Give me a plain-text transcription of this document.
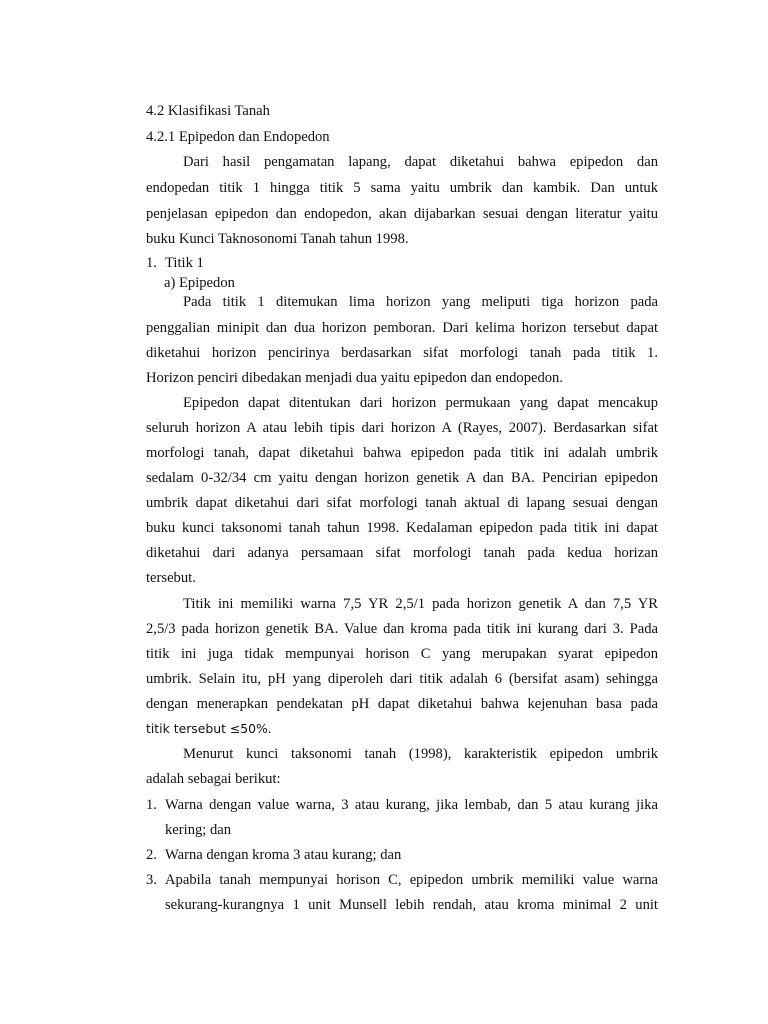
4.2 Klasifikasi Tanah
4.2.1 Epipedon dan Endopedon
Dari hasil pengamatan lapang, dapat diketahui bahwa epipedon dan
endopedan titik 1 hingga titik 5 sama yaitu umbrik dan kambik. Dan untuk
penjelasan epipedon dan endopedon, akan dijabarkan sesuai dengan literatur yaitu
buku Kunci Taknosonomi Tanah tahun 1998.
1. Titik 1
a) Epipedon
Pada titik 1 ditemukan lima horizon yang meliputi tiga horizon pada
penggalian minipit dan dua horizon pemboran. Dari kelima horizon tersebut dapat
diketahui horizon pencirinya berdasarkan sifat morfologi tanah pada titik 1.
Horizon penciri dibedakan menjadi dua yaitu epipedon dan endopedon.
Epipedon dapat ditentukan dari horizon permukaan yang dapat mencakup
seluruh horizon A atau lebih tipis dari horizon A (Rayes, 2007). Berdasarkan sifat
morfologi tanah, dapat diketahui bahwa epipedon pada titik ini adalah umbrik
sedalam 0-32/34 cm yaitu dengan horizon genetik A dan BA. Pencirian epipedon
umbrik dapat diketahui dari sifat morfologi tanah aktual di lapang sesuai dengan
buku kunci taksonomi tanah tahun 1998. Kedalaman epipedon pada titik ini dapat
diketahui dari adanya persamaan sifat morfologi tanah pada kedua horizan
tersebut.
Titik ini memiliki warna 7,5 YR 2,5/1 pada horizon genetik A dan 7,5 YR
2,5/3 pada horizon genetik BA. Value dan kroma pada titik ini kurang dari 3. Pada
titik ini juga tidak mempunyai horison C yang merupakan syarat epipedon
umbrik. Selain itu, pH yang diperoleh dari titik adalah 6 (bersifat asam) sehingga
dengan menerapkan pendekatan pH dapat diketahui bahwa kejenuhan basa pada
titik tersebut ≤50%.
Menurut kunci taksonomi tanah (1998), karakteristik epipedon umbrik
adalah sebagai berikut:
1. Warna dengan value warna, 3 atau kurang, jika lembab, dan 5 atau kurang jika
kering; dan
2. Warna dengan kroma 3 atau kurang; dan
3. Apabila tanah mempunyai horison C, epipedon umbrik memiliki value warna
sekurang-kurangnya 1 unit Munsell lebih rendah, atau kroma minimal 2 unit
